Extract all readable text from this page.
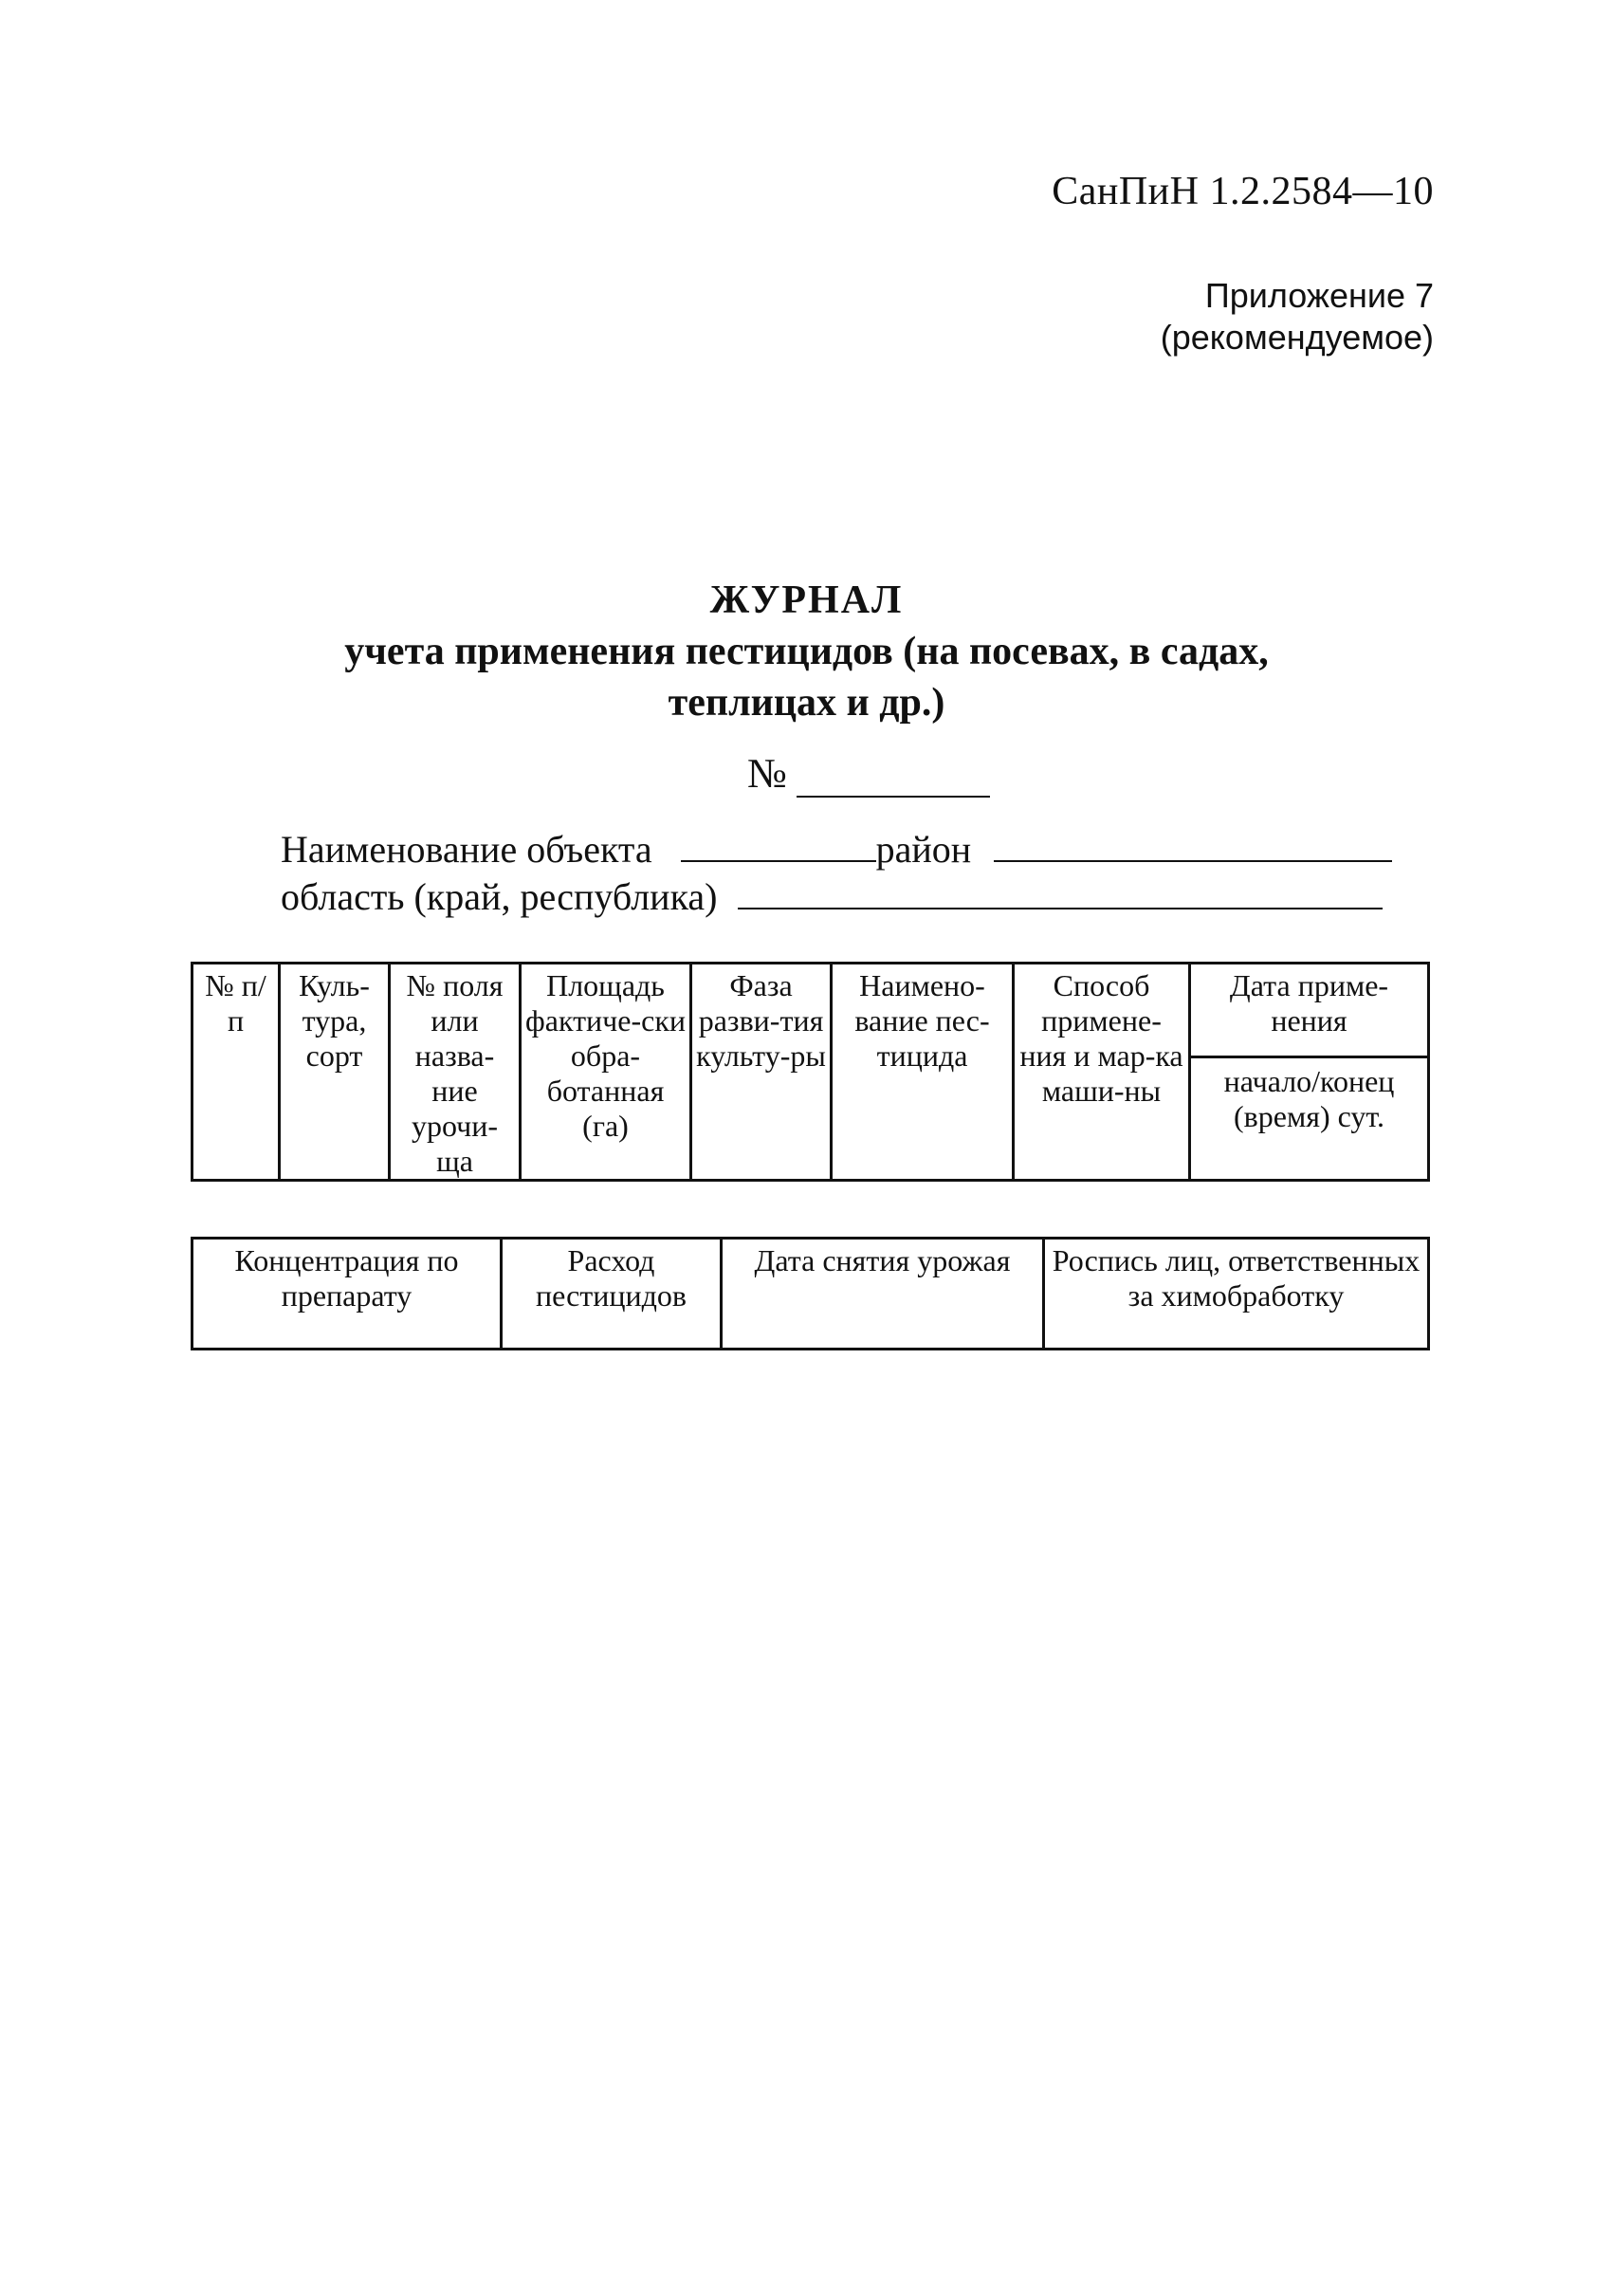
СанПиН 1.2.2584—10
Приложение 7
(рекомендуемое)
ЖУРНАЛ
учета применения пестицидов (на посевах, в садах,
теплицах и др.)
№
Наименование объекта	район
область (край, республика)
№ п/п	Куль-тура, сорт	№ поля или назва-ние урочи-ща	Площадь фактиче-ски обра-ботанная (га)	Фаза разви-тия культу-ры	Наимено-вание пес-тицида	Способ примене-ния и мар-ка маши-ны	Дата приме-нения
начало/конец (время) сут.
Концентрация по препарату	Расход пестицидов	Дата снятия урожая	Роспись лиц, ответственных за химобработку
